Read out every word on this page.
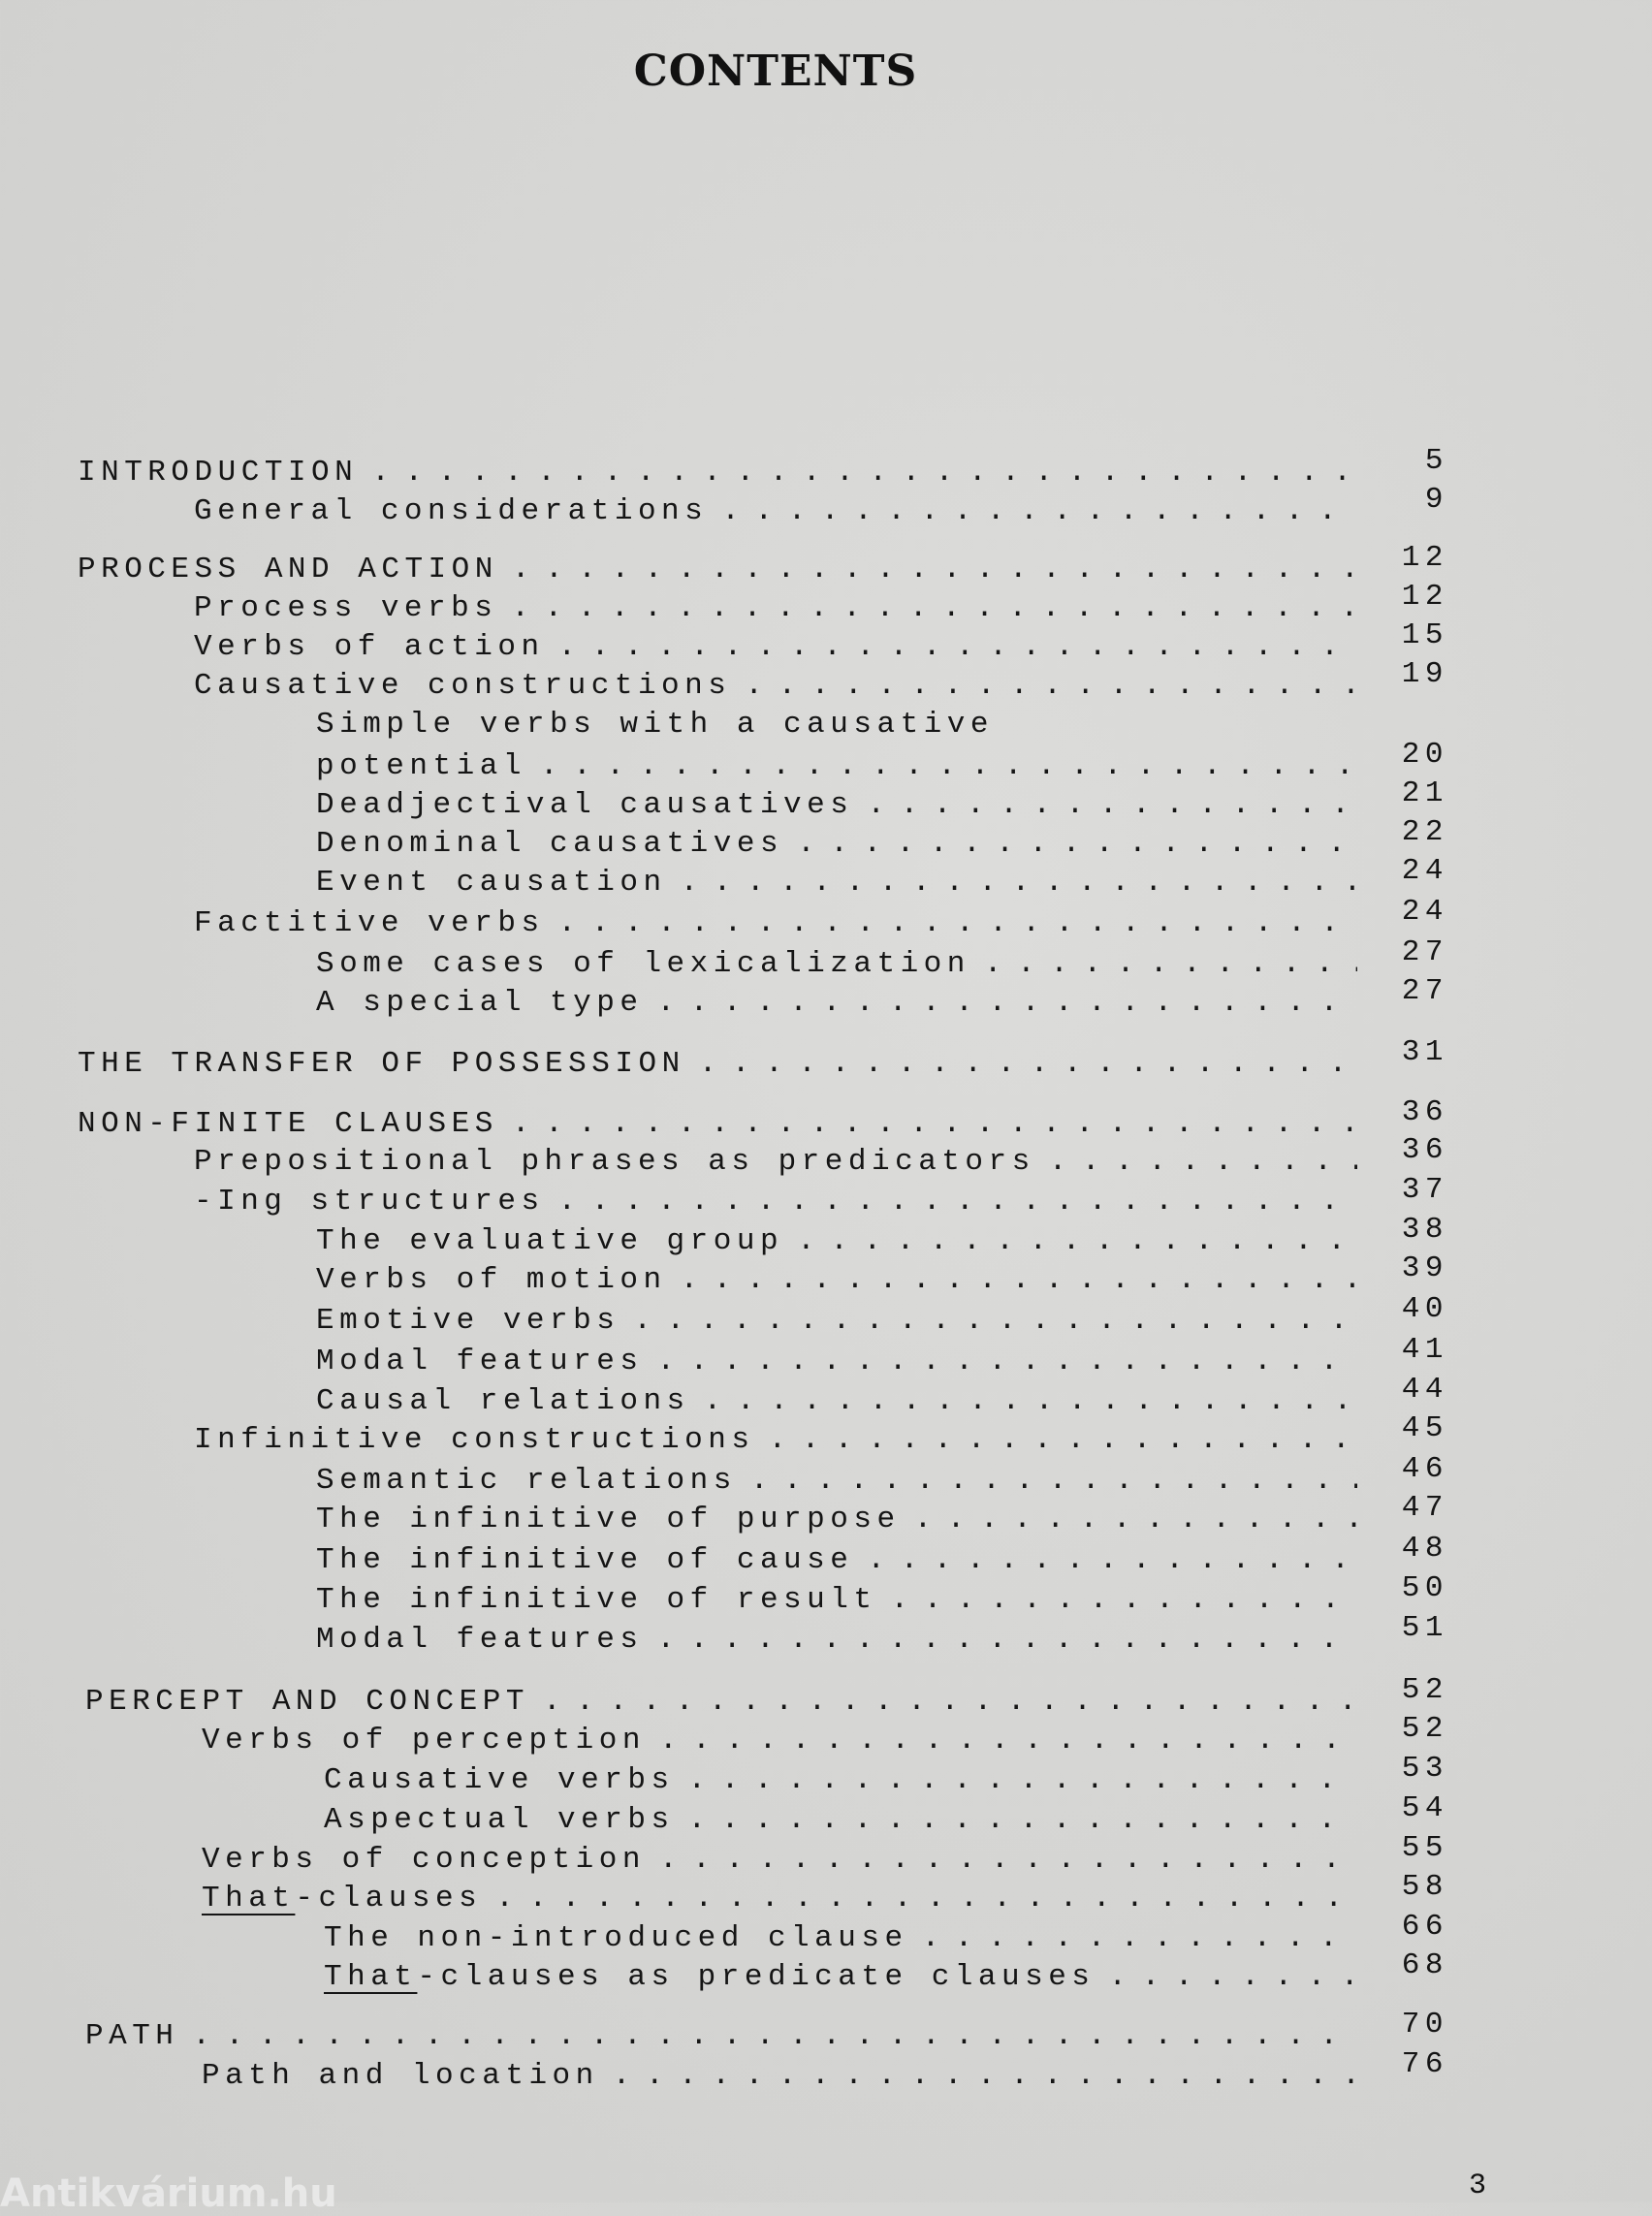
CONTENTS
INTRODUCTION . . .	5
General considerations . . .	9
PROCESS AND ACTION . . .	12
Process verbs . . .	12
Verbs of action . . .	15
Causative constructions . . .	19
Simple verbs with a causative
potential . . .	20
Deadjectival causatives . . .	21
Denominal causatives . . .	22
Event causation . . .	24
Factitive verbs . . .	24
Some cases of lexicalization . . .	27
A special type . . .	27
THE TRANSFER OF POSSESSION . . .	31
NON-FINITE CLAUSES . . .	36
Prepositional phrases as predicators . . .	36
-Ing structures . . .	37
The evaluative group . . .	38
Verbs of motion . . .	39
Emotive verbs . . .	40
Modal features . . .	41
Causal relations . . .	44
Infinitive constructions . . .	45
Semantic relations . . .	46
The infinitive of purpose . . .	47
The infinitive of cause . . .	48
The infinitive of result . . .	50
Modal features . . .	51
PERCEPT AND CONCEPT . . .	52
Verbs of perception . . .	52
Causative verbs . . .	53
Aspectual verbs . . .	54
Verbs of conception . . .	55
That-clauses . . .	58
The non-introduced clause . . .	66
That-clauses as predicate clauses . . .	68
PATH . . .	70
Path and location . . .	76
Antikvárium.hu	3
